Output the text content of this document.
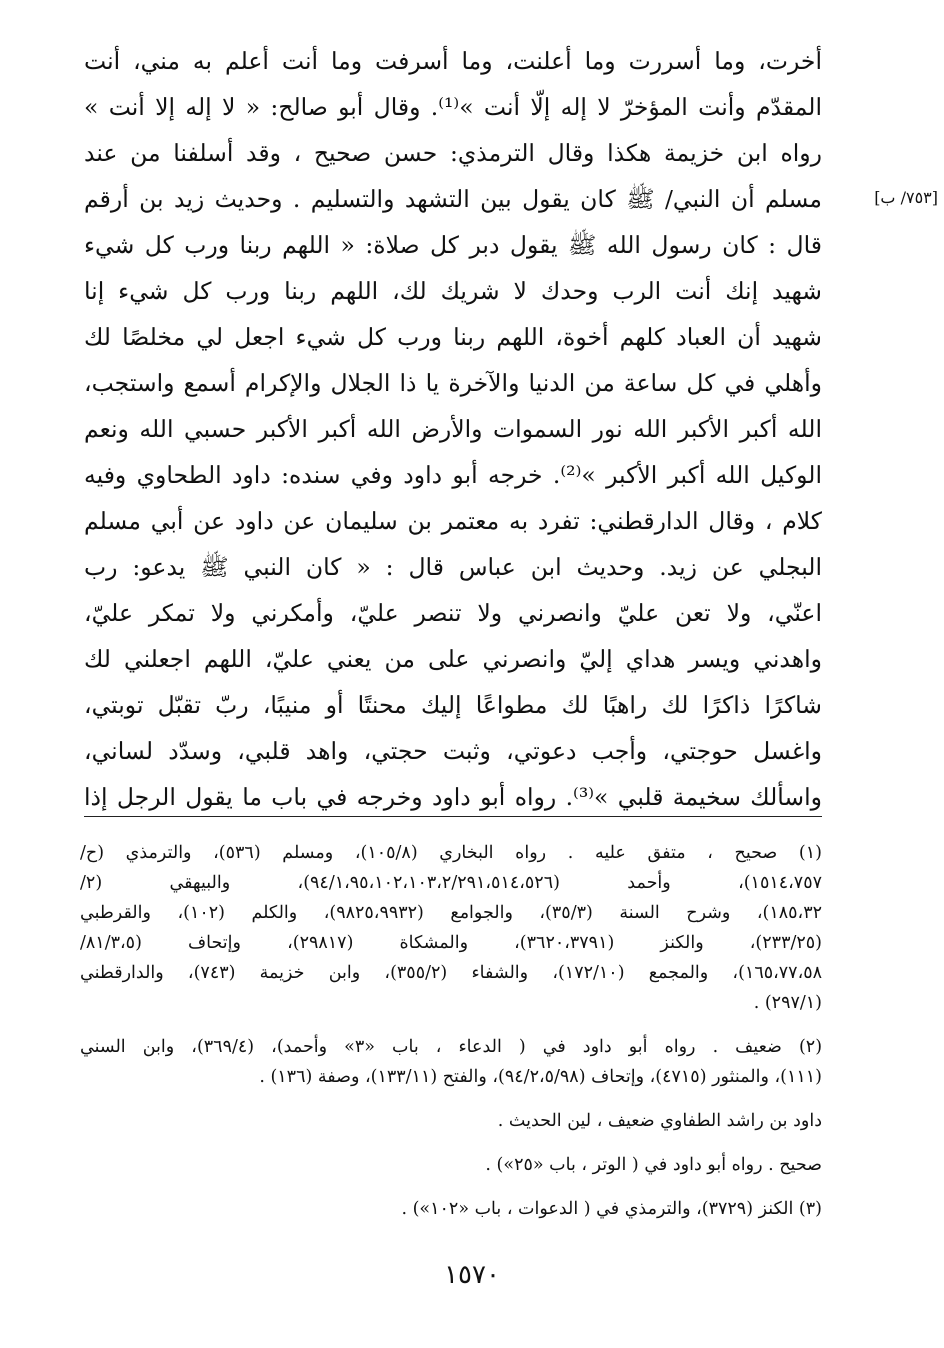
[٧٥٣/ ب]
أخرت، وما أسررت وما أعلنت، وما أسرفت وما أنت أعلم به مني، أنت
المقدّم وأنت المؤخرّ لا إله إلّا أنت »⁽¹⁾. وقال أبو صالح: « لا إله إلا أنت »
رواه ابن خزيمة هكذا وقال الترمذي: حسن صحيح ، وقد أسلفنا من عند
مسلم أن النبي/ ﷺ كان يقول بين التشهد والتسليم . وحديث زيد بن أرقم
قال : كان رسول الله ﷺ يقول دبر كل صلاة: « اللهم ربنا ورب كل شيء
شهيد إنك أنت الرب وحدك لا شريك لك، اللهم ربنا ورب كل شيء إنا
شهيد أن العباد كلهم أخوة، اللهم ربنا ورب كل شيء اجعل لي مخلصًا لك
وأهلي في كل ساعة من الدنيا والآخرة يا ذا الجلال والإكرام أسمع واستجب،
الله أكبر الأكبر الله نور السموات والأرض الله أكبر الأكبر حسبي الله ونعم
الوكيل الله أكبر الأكبر »⁽²⁾. خرجه أبو داود وفي سنده: داود الطحاوي وفيه
كلام ، وقال الدارقطني: تفرد به معتمر بن سليمان عن داود عن أبي مسلم
البجلي عن زيد. وحديث ابن عباس قال : « كان النبي ﷺ يدعو: رب
اعنّي، ولا تعن عليّ وانصرني ولا تنصر عليّ، وأمكرني ولا تمكر عليّ،
واهدني ويسر هداي إليّ وانصرني على من يعني عليّ، اللهم اجعلني لك
شاكرًا ذاكرًا لك راهبًا لك مطواعًا إليك محنتًا أو منيبًا، ربّ تقبّل توبتي،
واغسل حوجتي، وأجب دعوتي، وثبت حجتي، واهد قلبي، وسدّد لساني،
واسألك سخيمة قلبي »⁽³⁾. رواه أبو داود وخرجه في باب ما يقول الرجل إذا
(١) صحيح ، متفق عليه . رواه البخاري (١٠٥/٨)، ومسلم (٥٣٦)، والترمذي (ح/
١٥١٤،٧٥٧)، وأحمد (٩٤/١،٩٥،١٠٢،١٠٣،٢/٢٩١،٥١٤،٥٢٦)، والبيهقي (٢/
١٨٥،٣٢)، وشرح السنة (٣٥/٣)، والجوامع (٩٨٢٥،٩٩٣٢)، والكلم (١٠٢)، والقرطبي
(٢٣٣/٢٥)، والكنز (٣٦٢٠،٣٧٩١)، والمشكاة (٢٩٨١٧)، وإتحاف (٨١/٣،٥/
١٦٥،٧٧،٥٨)، والمجمع (١٧٢/١٠)، والشفاء (٣٥٥/٢)، وابن خزيمة (٧٤٣)، والدارقطني
(٢٩٧/١) .
(٢) ضعيف . رواه أبو داود في ( الدعاء ، باب «٣» وأحمد)، (٣٦٩/٤)، وابن السني
(١١١)، والمنثور (٤٧١٥)، وإتحاف (٩٤/٢،٥/٩٨)، والفتح (١٣٣/١١)، وصفة (١٣٦) .
داود بن راشد الطفاوي ضعيف ، لين الحديث .
صحيح . رواه أبو داود في ( الوتر ، باب «٢٥») .
(٣) الكنز (٣٧٢٩)، والترمذي في ( الدعوات ، باب «١٠٢») .
١٥٧٠
